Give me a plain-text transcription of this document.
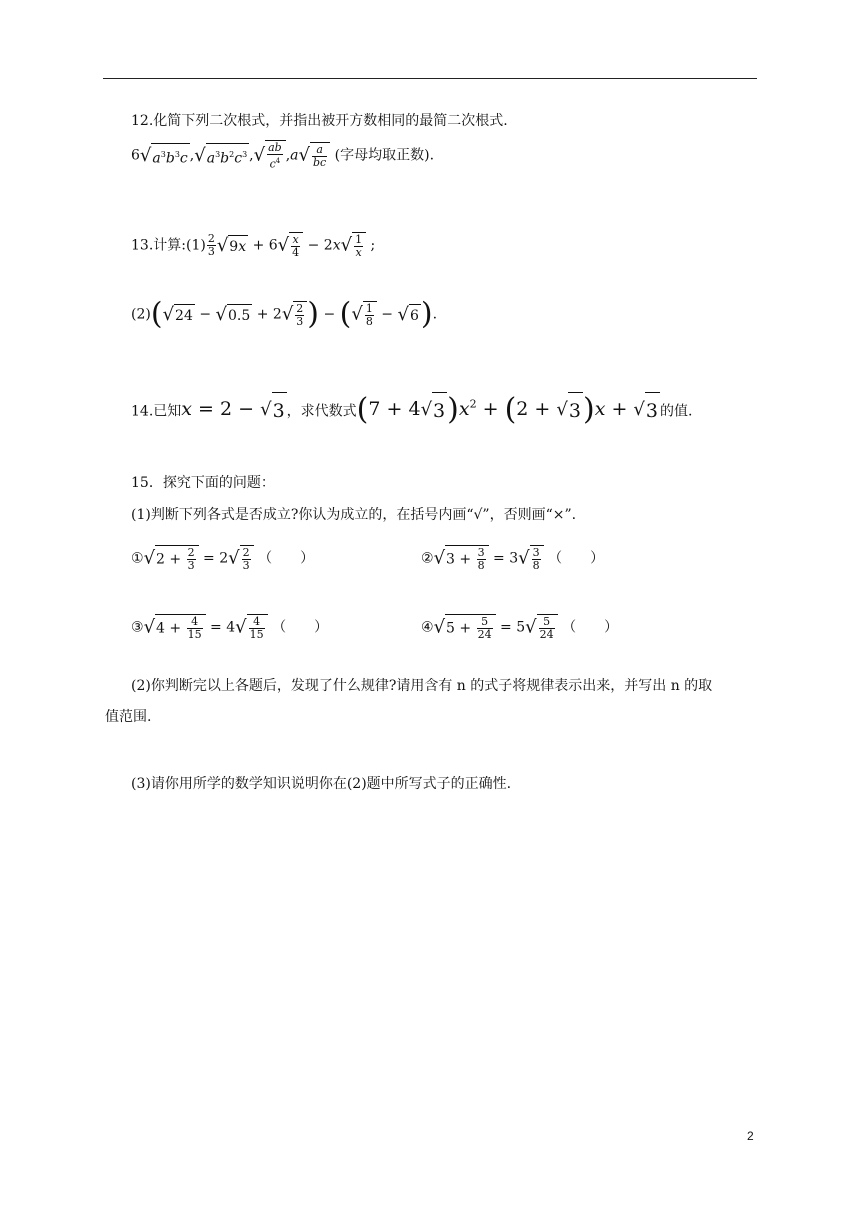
12.化简下列二次根式，并指出被开方数相同的最简二次根式.
$6√a^3b^3c$ $,√a^3b^2c^3$ ,√ $\frac{ab}{c^4} ,a√ \frac{a}{bc}$ (字母均取正数).
13.计算:(1) $\frac{2}{3} √9x + 6√ \frac{x}{4} - 2x√ \frac{1}{x}$ ;
$(2)(√24 - √0.5 + 2√ \frac{2}{3}$ ) − (√ $\frac{1}{8} - √6$).
14.已知x = 2 − √3 ，求代数式$(7 + 4√3)x^2 + (2 + √3)x + √3$ 的值.
15．探究下面的问题：
(1)判断下列各式是否成立?你认为成立的，在括号内画“√”，否则画“×”.
①√2 + $\frac{2}{3} = 2√ \frac{2}{3}$ （　　）	②√3 + $\frac{3}{8} = 3√ \frac{3}{8}$ （　　）
③√4 + $\frac{4}{15} = 4√ \frac{4}{15}$ （　　）	④√5 + $\frac{5}{24} = 5√ \frac{5}{24}$ （　　）
(2)你判断完以上各题后，发现了什么规律?请用含有 n 的式子将规律表示出来，并写出 n 的取
值范围.
(3)请你用所学的数学知识说明你在(2)题中所写式子的正确性.
2
